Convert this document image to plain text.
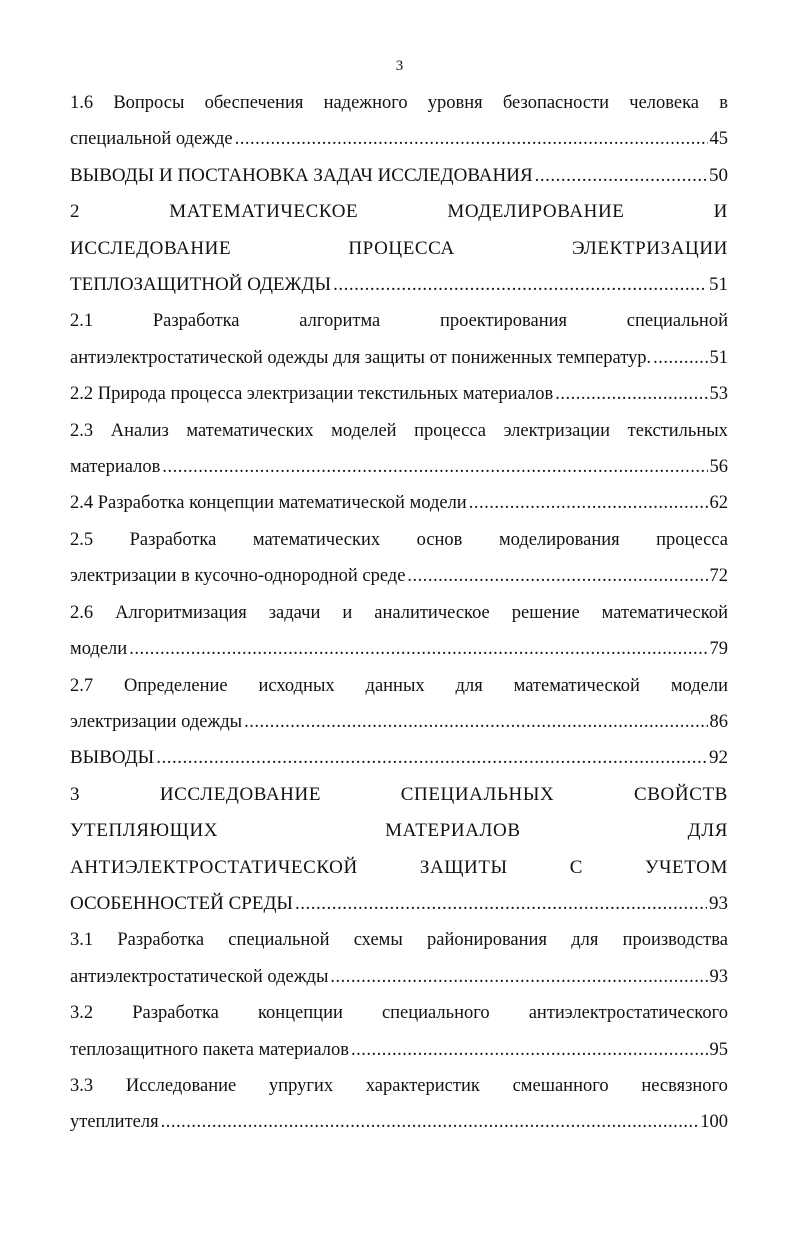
3
1.6 Вопросы обеспечения надежного уровня безопасности человека в
специальной одежде .....	45
ВЫВОДЫ И ПОСТАНОВКА ЗАДАЧ ИССЛЕДОВАНИЯ .....	50
2	МАТЕМАТИЧЕСКОЕ	МОДЕЛИРОВАНИЕ	И
ИССЛЕДОВАНИЕ	ПРОЦЕССА	ЭЛЕКТРИЗАЦИИ
ТЕПЛОЗАЩИТНОЙ ОДЕЖДЫ .....	51
2.1	Разработка	алгоритма	проектирования	специальной
антиэлектростатической одежды для защиты от пониженных температур. .....	51
2.2 Природа процесса электризации текстильных материалов .....	53
2.3 Анализ математических моделей процесса электризации текстильных
материалов .....	56
2.4 Разработка концепции математической модели .....	62
2.5 Разработка математических основ моделирования процесса
электризации в кусочно-однородной среде .....	72
2.6 Алгоритмизация задачи и аналитическое решение математической
модели .....	79
2.7 Определение исходных данных для математической модели
электризации одежды .....	86
ВЫВОДЫ .....	92
3	ИССЛЕДОВАНИЕ	СПЕЦИАЛЬНЫХ	СВОЙСТВ
УТЕПЛЯЮЩИХ	МАТЕРИАЛОВ	ДЛЯ
АНТИЭЛЕКТРОСТАТИЧЕСКОЙ	ЗАЩИТЫ	С	УЧЕТОМ
ОСОБЕННОСТЕЙ СРЕДЫ .....	93
3.1 Разработка специальной схемы районирования для производства
антиэлектростатической одежды .....	93
3.2 Разработка концепции специального антиэлектростатического
теплозащитного пакета материалов .....	95
3.3 Исследование упругих характеристик смешанного несвязного
утеплителя .....	100
